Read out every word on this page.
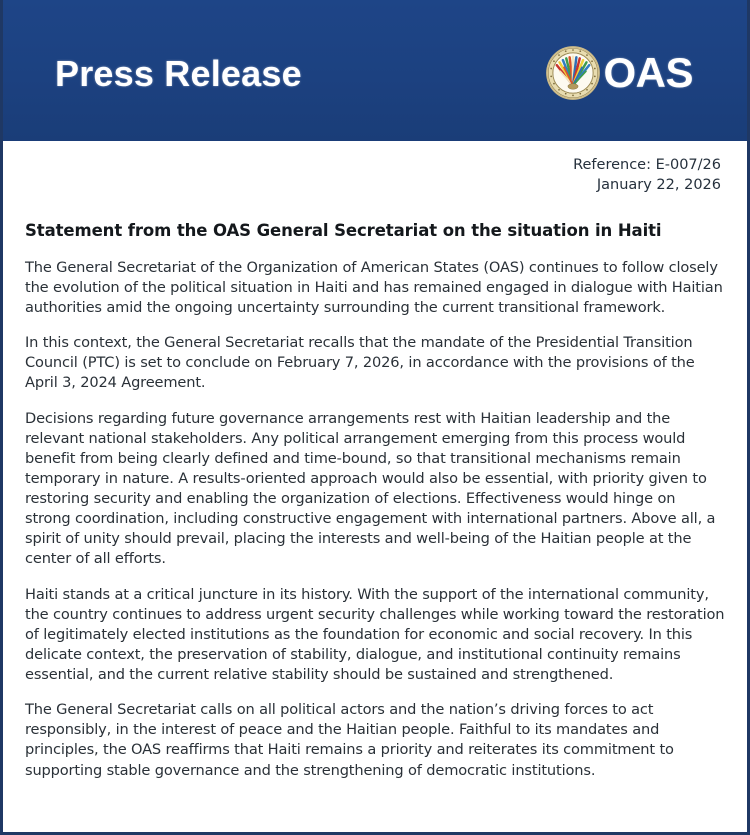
Press Release	OAS
Reference: E-007/26
January 22, 2026
Statement from the OAS General Secretariat on the situation in Haiti

The General Secretariat of the Organization of American States (OAS) continues to follow closely the evolution of the political situation in Haiti and has remained engaged in dialogue with Haitian authorities amid the ongoing uncertainty surrounding the current transitional framework.

In this context, the General Secretariat recalls that the mandate of the Presidential Transition Council (PTC) is set to conclude on February 7, 2026, in accordance with the provisions of the April 3, 2024 Agreement.

Decisions regarding future governance arrangements rest with Haitian leadership and the relevant national stakeholders. Any political arrangement emerging from this process would benefit from being clearly defined and time-bound, so that transitional mechanisms remain temporary in nature. A results-oriented approach would also be essential, with priority given to restoring security and enabling the organization of elections. Effectiveness would hinge on strong coordination, including constructive engagement with international partners. Above all, a spirit of unity should prevail, placing the interests and well-being of the Haitian people at the center of all efforts.

Haiti stands at a critical juncture in its history. With the support of the international community, the country continues to address urgent security challenges while working toward the restoration of legitimately elected institutions as the foundation for economic and social recovery. In this delicate context, the preservation of stability, dialogue, and institutional continuity remains essential, and the current relative stability should be sustained and strengthened.

The General Secretariat calls on all political actors and the nation’s driving forces to act responsibly, in the interest of peace and the Haitian people. Faithful to its mandates and principles, the OAS reaffirms that Haiti remains a priority and reiterates its commitment to supporting stable governance and the strengthening of democratic institutions.
